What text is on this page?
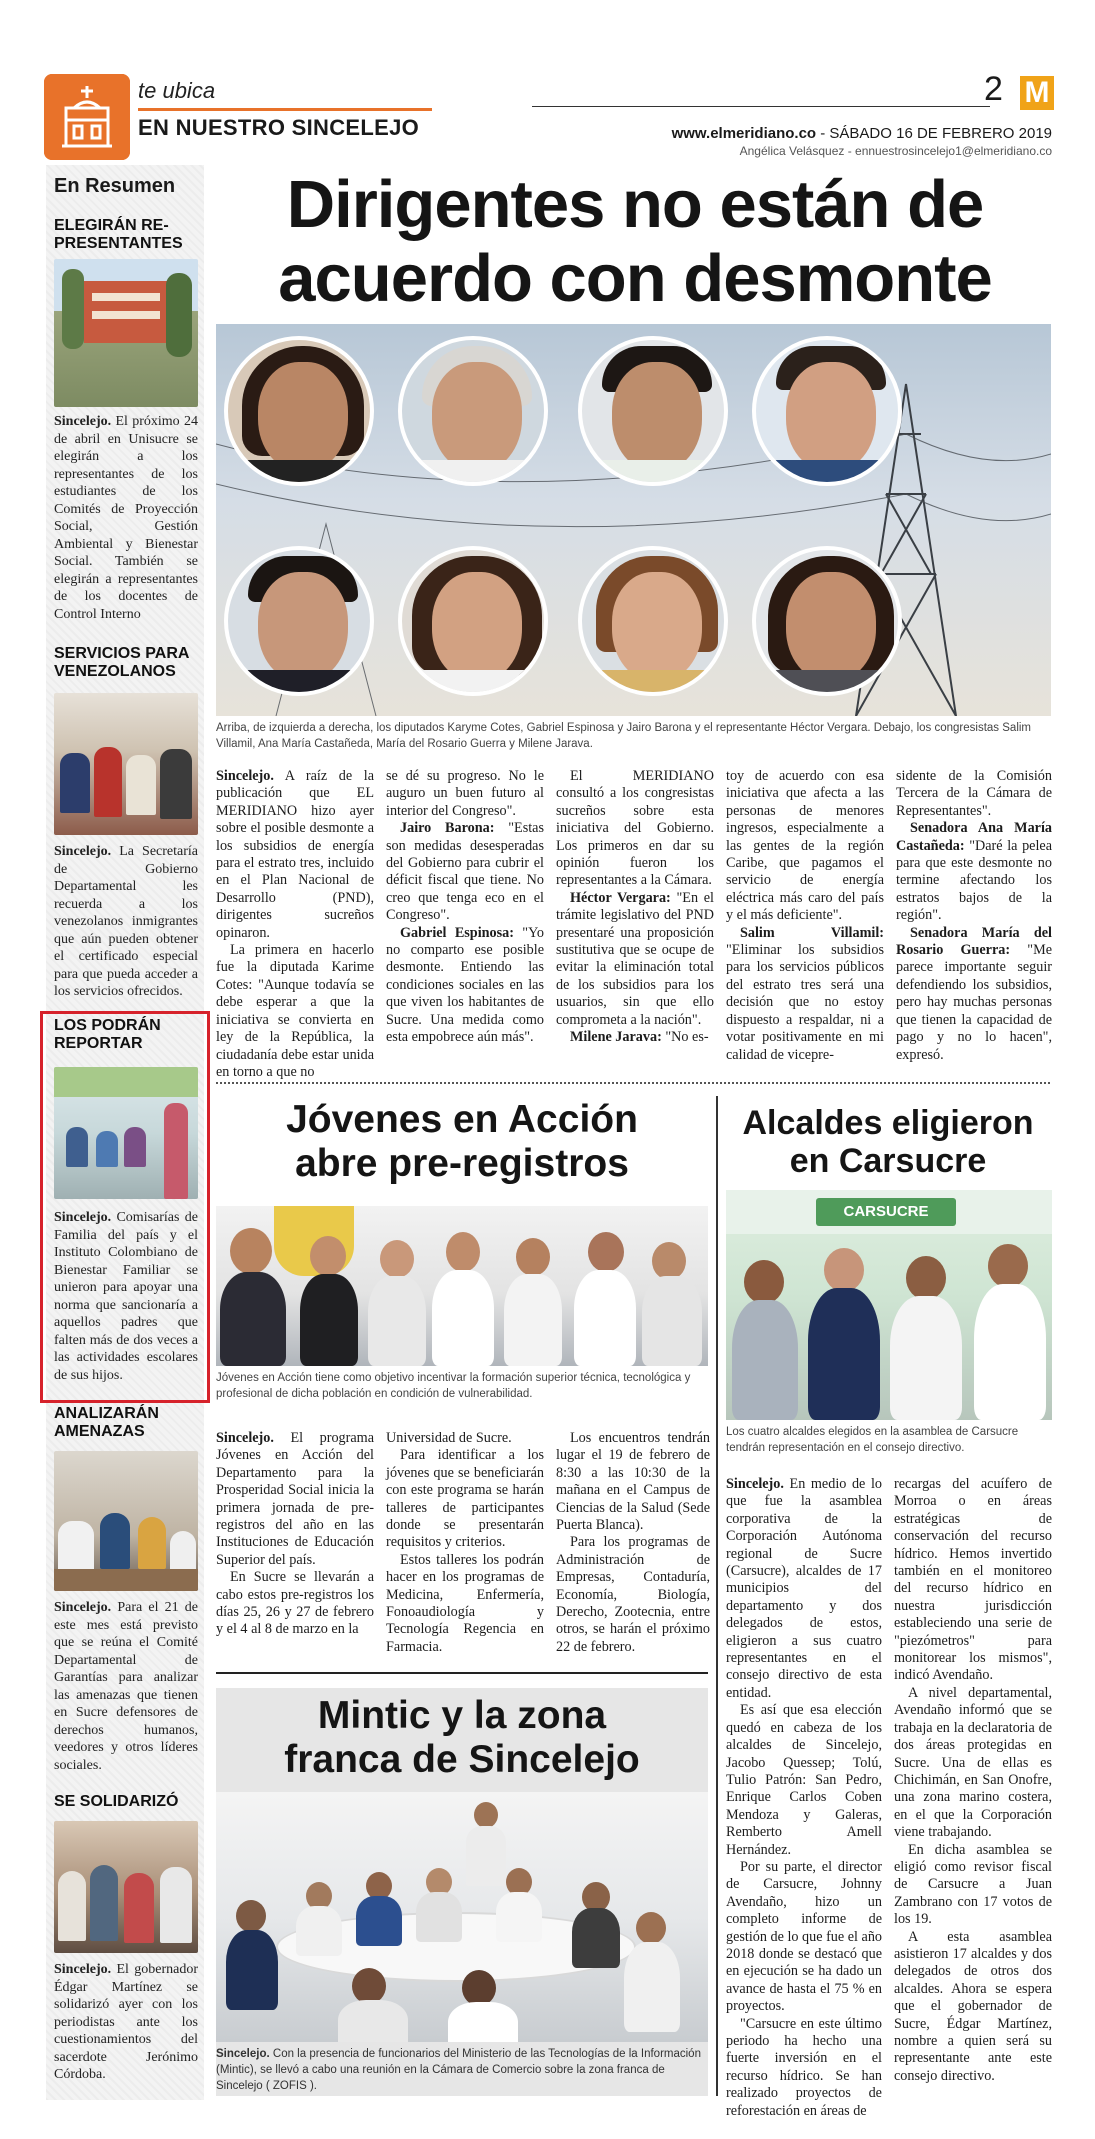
te ubica
EN NUESTRO SINCELEJO
2 M
www.elmeridiano.co - SÁBADO 16 DE FEBRERO 2019
Angélica Velásquez - ennuestrosincelejo1@elmeridiano.co
En Resumen
ELEGIRÁN RE-PRESENTANTES
Sincelejo. El próximo 24 de abril en Unisucre se elegirán a los representantes de los estudiantes de los Comités de Proyección Social, Gestión Ambiental y Bienestar Social. También se elegirán a representantes de los docentes de Control Interno
SERVICIOS PARA VENEZOLANOS
Sincelejo. La Secretaría de Gobierno Departamental les recuerda a los venezolanos inmigrantes que aún pueden obtener el certificado especial para que pueda acceder a los servicios ofrecidos.
LOS PODRÁN REPORTAR
Sincelejo. Comisarías de Familia del país y el Instituto Colombiano de Bienestar Familiar se unieron para apoyar una norma que sancionaría a aquellos padres que falten más de dos veces a las actividades escolares de sus hijos.
ANALIZARÁN AMENAZAS
Sincelejo. Para el 21 de este mes está previsto que se reúna el Comité Departamental de Garantías para analizar las amenazas que tienen en Sucre defensores de derechos humanos, veedores y otros líderes sociales.
SE SOLIDARIZÓ
Sincelejo. El gobernador Édgar Martínez se solidarizó ayer con los periodistas ante los cuestionamientos del sacerdote Jerónimo Córdoba.
Dirigentes no están de
acuerdo con desmonte
Arriba, de izquierda a derecha, los diputados Karyme Cotes, Gabriel Espinosa y Jairo Barona y el representante Héctor Vergara. Debajo, los congresistas Salim Villamil, Ana María Castañeda, María del Rosario Guerra y Milene Jarava.

Sincelejo. A raíz de la publicación que EL MERIDIANO hizo ayer sobre el posible desmonte a los subsidios de energía para el estrato tres, incluido en el Plan Nacional de Desarrollo (PND), dirigentes sucreños opinaron.

La primera en hacerlo fue la diputada Karime Cotes: "Aunque todavía se debe esperar a que la iniciativa se convierta en ley de la República, la ciudadanía debe estar unida en torno a que no

se dé su progreso. No le auguro un buen futuro al interior del Congreso".

Jairo Barona: "Estas son medidas desesperadas del Gobierno para cubrir el déficit fiscal que tiene. No creo que tenga eco en el Congreso".

Gabriel Espinosa: "Yo no comparto ese posible desmonte. Entiendo las condiciones sociales en las que viven los habitantes de Sucre. Una medida como esta empobrece aún más".

El MERIDIANO consultó a los congresistas sucreños sobre esta iniciativa del Gobierno. Los primeros en dar su opinión fueron los representantes a la Cámara.

Héctor Vergara: "En el trámite legislativo del PND presentaré una proposición sustitutiva que se ocupe de evitar la eliminación total de los subsidios para los usuarios, sin que ello comprometa a la nación".

Milene Jarava: "No es-

toy de acuerdo con esa iniciativa que afecta a las personas de menores ingresos, especialmente a las gentes de la región Caribe, que pagamos el servicio de energía eléctrica más caro del país y el más deficiente".

Salim Villamil: "Eliminar los subsidios para los servicios públicos del estrato tres será una decisión que no estoy dispuesto a respaldar, ni a votar positivamente en mi calidad de vicepre-

sidente de la Comisión Tercera de la Cámara de Representantes".

Senadora Ana María Castañeda: "Daré la pelea para que este desmonte no termine afectando los estratos bajos de la región".

Senadora María del Rosario Guerra: "Me parece importante seguir defendiendo los subsidios, pero hay muchas personas que tienen la capacidad de pago y no lo hacen", expresó.

Jóvenes en Acción
abre pre-registros
Jóvenes en Acción tiene como objetivo incentivar la formación superior técnica, tecnológica y profesional de dicha población en condición de vulnerabilidad.

Sincelejo. El programa Jóvenes en Acción del Departamento para la Prosperidad Social inicia la primera jornada de pre-registros del año en las Instituciones de Educación Superior del país.

En Sucre se llevarán a cabo estos pre-registros los días 25, 26 y 27 de febrero y el 4 al 8 de marzo en la

Universidad de Sucre.

Para identificar a los jóvenes que se beneficiarán con este programa se harán talleres de participantes donde se presentarán requisitos y criterios.

Estos talleres los podrán hacer en los programas de Medicina, Enfermería, Fonoaudiología y Tecnología Regencia en Farmacia.

Los encuentros tendrán lugar el 19 de febrero de 8:30 a las 10:30 de la mañana en el Campus de Ciencias de la Salud (Sede Puerta Blanca).

Para los programas de Administración de Empresas, Contaduría, Economía, Biología, Derecho, Zootecnia, entre otros, se harán el próximo 22 de febrero.

Mintic y la zona
franca de Sincelejo
Sincelejo. Con la presencia de funcionarios del Ministerio de las Tecnologías de la Información (Mintic), se llevó a cabo una reunión en la Cámara de Comercio sobre la zona franca de Sincelejo ( ZOFIS ).
Alcaldes eligieron
en Carsucre
CARSUCRE
Los cuatro alcaldes elegidos en la asamblea de Carsucre tendrán representación en el consejo directivo.

Sincelejo. En medio de lo que fue la asamblea corporativa de la Corporación Autónoma regional de Sucre (Carsucre), alcaldes de 17 municipios del departamento y dos delegados de estos, eligieron a sus cuatro representantes en el consejo directivo de esta entidad.

Es así que esa elección quedó en cabeza de los alcaldes de Sincelejo, Jacobo Quessep; Tolú, Tulio Patrón: San Pedro, Enrique Carlos Coben Mendoza y Galeras, Remberto Amell Hernández.

Por su parte, el director de Carsucre, Johnny Avendaño, hizo un completo informe de gestión de lo que fue el año 2018 donde se destacó que en ejecución se ha dado un avance de hasta el 75 % en proyectos.

"Carsucre en este último periodo ha hecho una fuerte inversión en el recurso hídrico. Se han realizado proyectos de reforestación en áreas de

recargas del acuífero de Morroa o en áreas estratégicas de conservación del recurso hídrico. Hemos invertido también en el monitoreo del recurso hídrico en nuestra jurisdicción estableciendo una serie de "piezómetros" para monitorear los mismos", indicó Avendaño.

A nivel departamental, Avendaño informó que se trabaja en la declaratoria de dos áreas protegidas en Sucre. Una de ellas es Chichimán, en San Onofre, una zona marino costera, en el que la Corporación viene trabajando.

En dicha asamblea se eligió como revisor fiscal de Carsucre a Juan Zambrano con 17 votos de los 19.

A esta asamblea asistieron 17 alcaldes y dos delegados de otros dos alcaldes. Ahora se espera que el gobernador de Sucre, Édgar Martínez, nombre a quien será su representante ante este consejo directivo.
